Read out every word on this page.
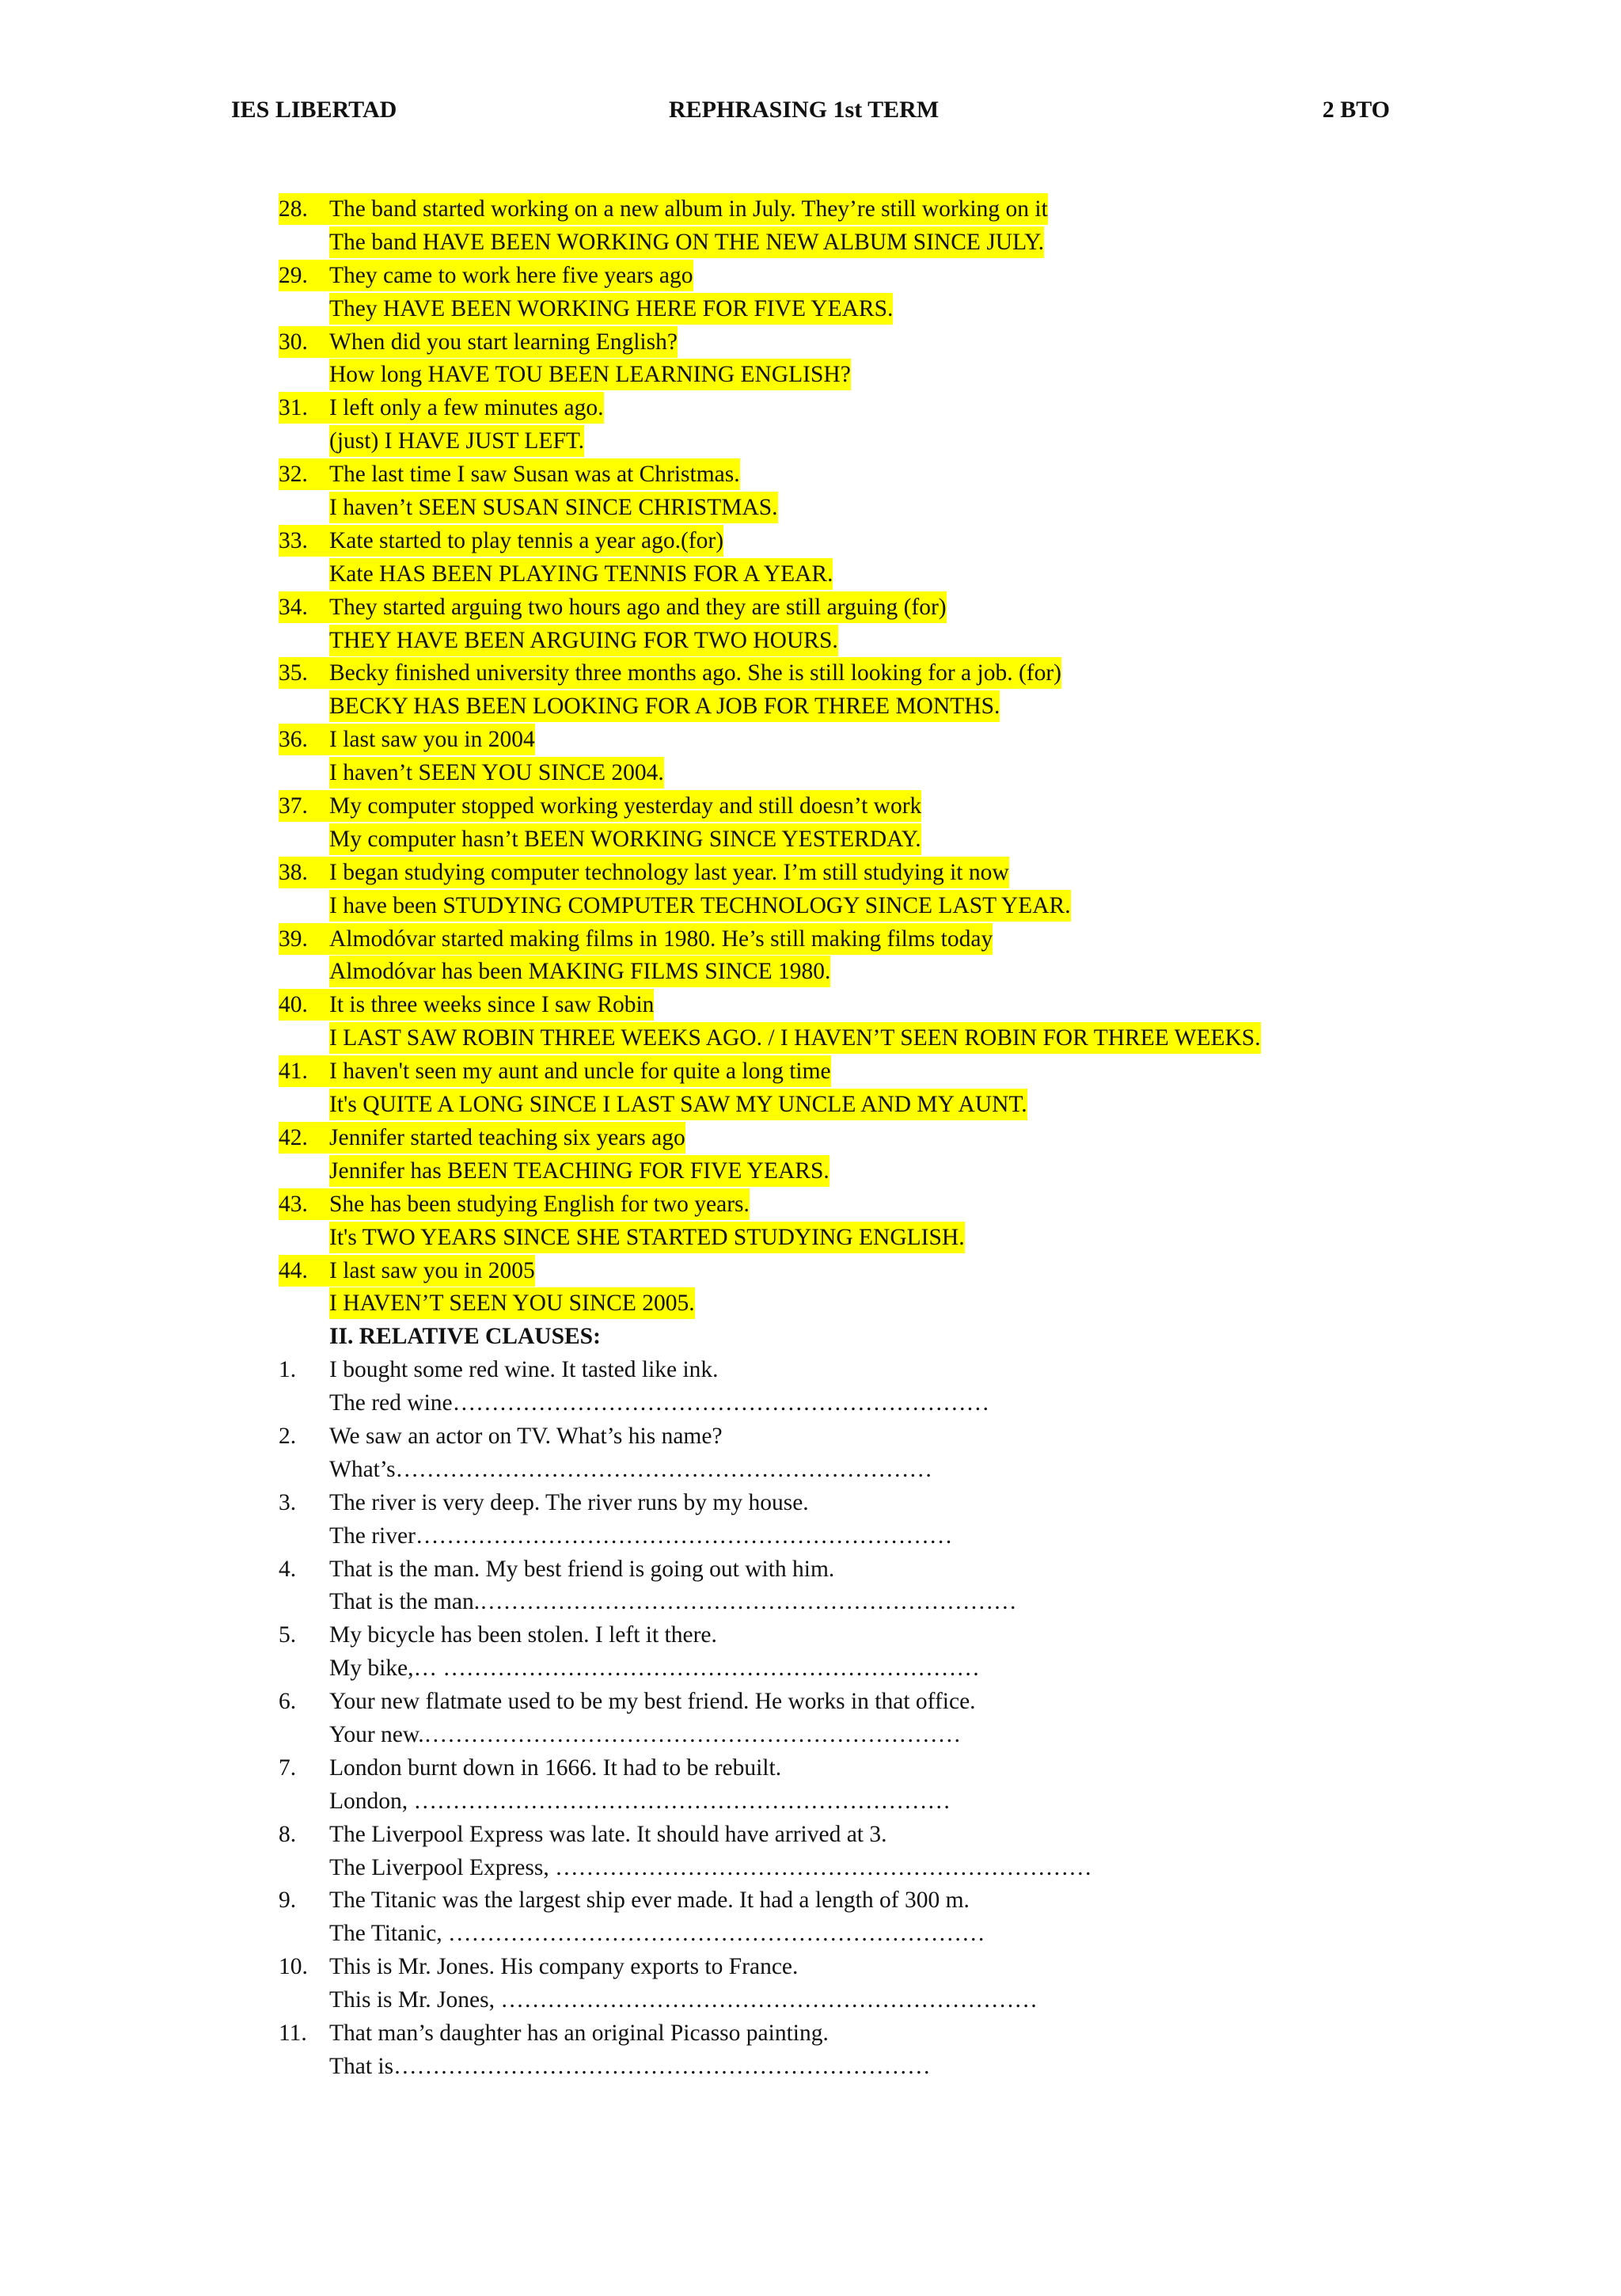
IES LIBERTAD	REPHRASING 1st TERM	2 BTO
28. The band started working on a new album in July. They’re still working on it
The band HAVE BEEN WORKING ON THE NEW ALBUM SINCE JULY.
29. They came to work here five years ago
They HAVE BEEN WORKING HERE FOR FIVE YEARS.
30. When did you start learning English?
How long HAVE TOU BEEN LEARNING ENGLISH?
31. I left only a few minutes ago.
(just) I HAVE JUST LEFT.
32. The last time I saw Susan was at Christmas.
I haven’t SEEN SUSAN SINCE CHRISTMAS.
33. Kate started to play tennis a year ago.(for)
Kate HAS BEEN PLAYING TENNIS FOR A YEAR.
34. They started arguing two hours ago and they are still arguing (for)
THEY HAVE BEEN ARGUING FOR TWO HOURS.
35. Becky finished university three months ago. She is still looking for a job. (for)
BECKY HAS BEEN LOOKING FOR A JOB FOR THREE MONTHS.
36. I last saw you in 2004
I haven’t SEEN YOU SINCE 2004.
37. My computer stopped working yesterday and still doesn’t work
My computer hasn’t BEEN WORKING SINCE YESTERDAY.
38. I began studying computer technology last year. I’m still studying it now
I have been STUDYING COMPUTER TECHNOLOGY SINCE LAST YEAR.
39. Almodóvar started making films in 1980. He’s still making films today
Almodóvar has been MAKING FILMS SINCE 1980.
40. It is three weeks since I saw Robin
I LAST SAW ROBIN THREE WEEKS AGO. / I HAVEN’T SEEN ROBIN FOR THREE WEEKS.
41. I haven't seen my aunt and uncle for quite a long time
It's QUITE A LONG SINCE I LAST SAW MY UNCLE AND MY AUNT.
42. Jennifer started teaching six years ago
Jennifer has BEEN TEACHING FOR FIVE YEARS.
43. She has been studying English for two years.
It's TWO YEARS SINCE SHE STARTED STUDYING ENGLISH.
44. I last saw you in 2005
I HAVEN’T SEEN YOU SINCE 2005.
II. RELATIVE CLAUSES:
1.	I bought some red wine. It tasted like ink.
The red wine……………………………………………………………
2.	We saw an actor on TV. What’s his name?
What’s……………………………………………………………
3.	The river is very deep. The river runs by my house.
The river……………………………………………………………
4.	That is the man. My best friend is going out with him.
That is the man.……………………………………………………………
5.	My bicycle has been stolen. I left it there.
My bike,… ……………………………………………………………
6.	Your new flatmate used to be my best friend. He works in that office.
Your new.……………………………………………………………
7.	London burnt down in 1666. It had to be rebuilt.
London, ……………………………………………………………
8.	The Liverpool Express was late. It should have arrived at 3.
The Liverpool Express, ……………………………………………………………
9.	The Titanic was the largest ship ever made. It had a length of 300 m.
The Titanic, ……………………………………………………………
10. This is Mr. Jones. His company exports to France.
This is Mr. Jones, ……………………………………………………………
11. That man’s daughter has an original Picasso painting.
That is……………………………………………………………
